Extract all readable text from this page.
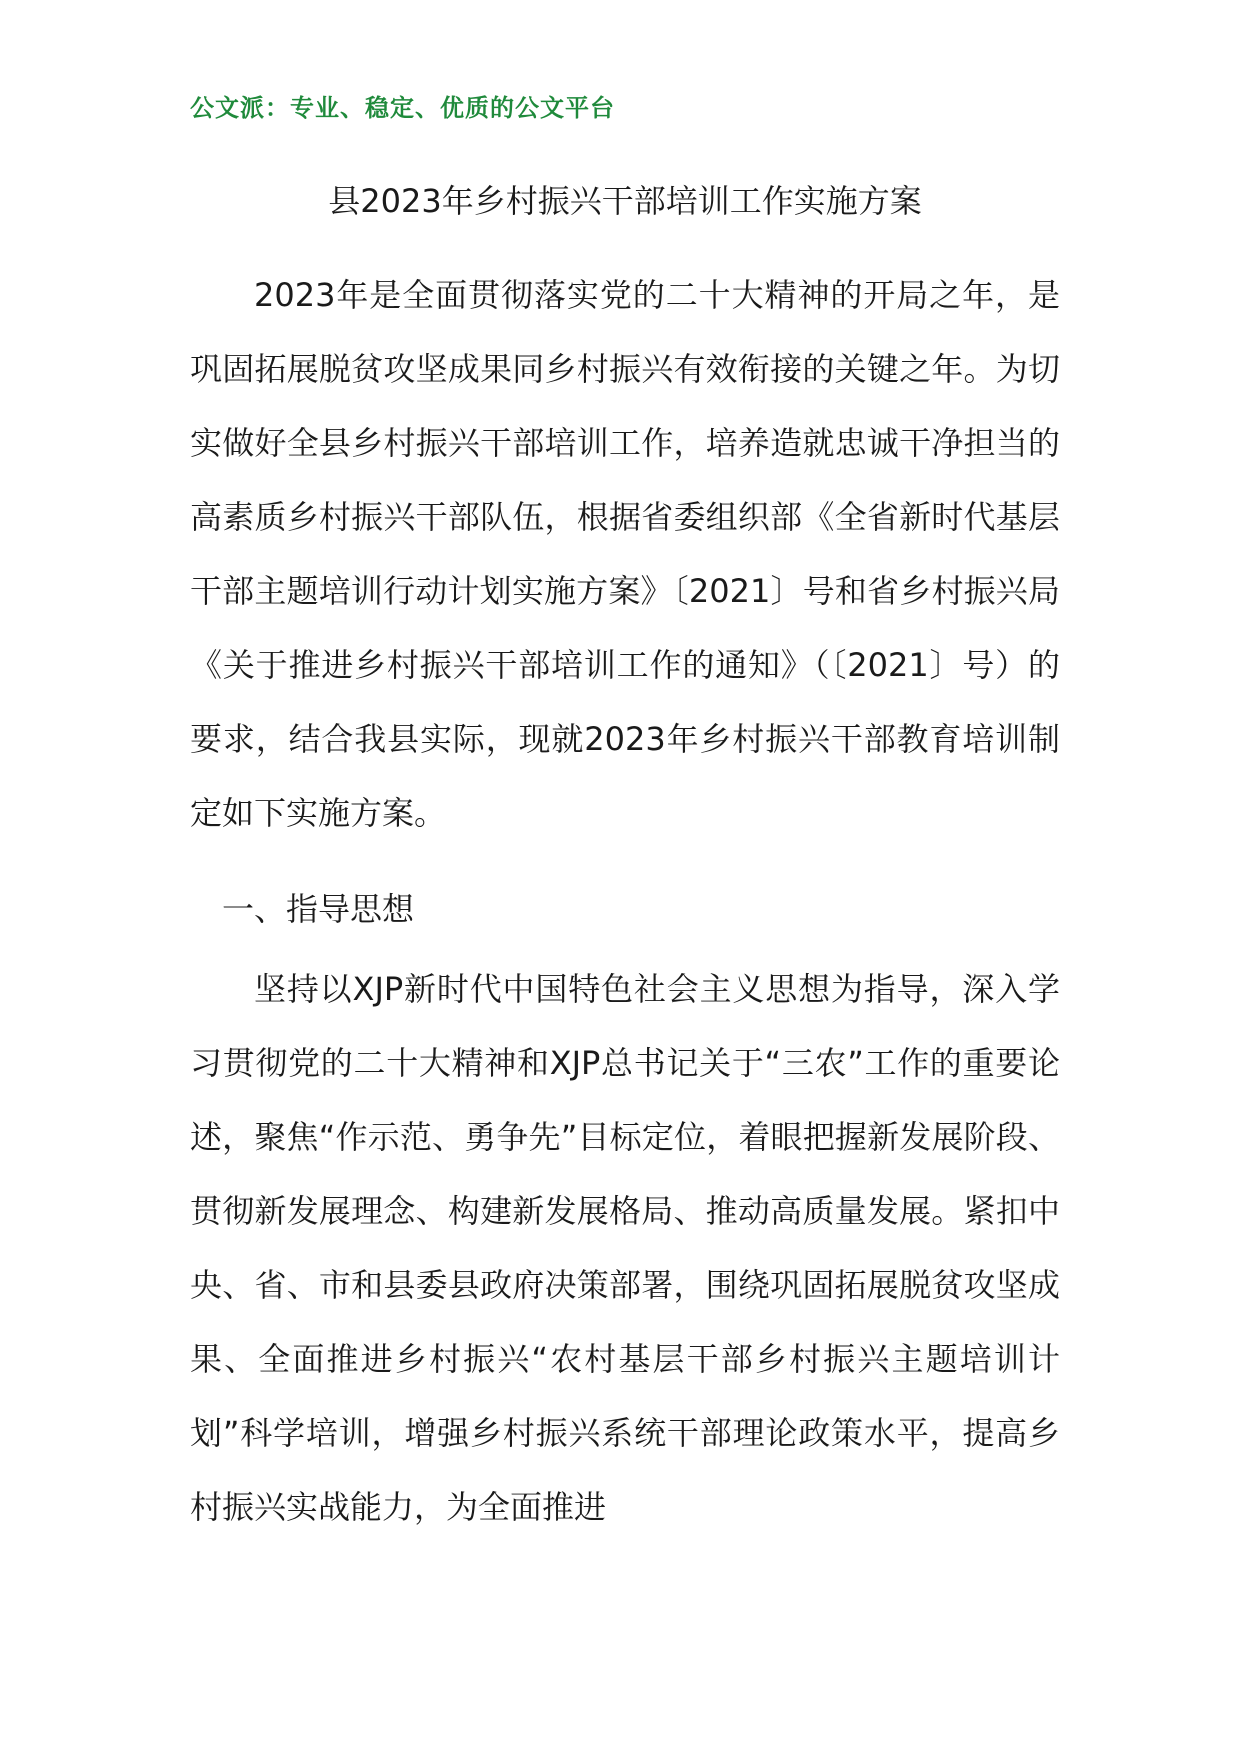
公文派：专业、稳定、优质的公文平台
县2023年乡村振兴干部培训工作实施方案

2023年是全面贯彻落实党的二十大精神的开局之年，是巩固拓展脱贫攻坚成果同乡村振兴有效衔接的关键之年。为切实做好全县乡村振兴干部培训工作，培养造就忠诚干净担当的高素质乡村振兴干部队伍，根据省委组织部《全省新时代基层干部主题培训行动计划实施方案》〔2021〕号和省乡村振兴局《关于推进乡村振兴干部培训工作的通知》（〔2021〕号）的要求，结合我县实际，现就2023年乡村振兴干部教育培训制定如下实施方案。

一、指导思想

坚持以XJP新时代中国特色社会主义思想为指导，深入学习贯彻党的二十大精神和XJP总书记关于“三农”工作的重要论述，聚焦“作示范、勇争先”目标定位，着眼把握新发展阶段、贯彻新发展理念、构建新发展格局、推动高质量发展。紧扣中央、省、市和县委县政府决策部署，围绕巩固拓展脱贫攻坚成果、全面推进乡村振兴“农村基层干部乡村振兴主题培训计划”科学培训，增强乡村振兴系统干部理论政策水平，提高乡村振兴实战能力，为全面推进
